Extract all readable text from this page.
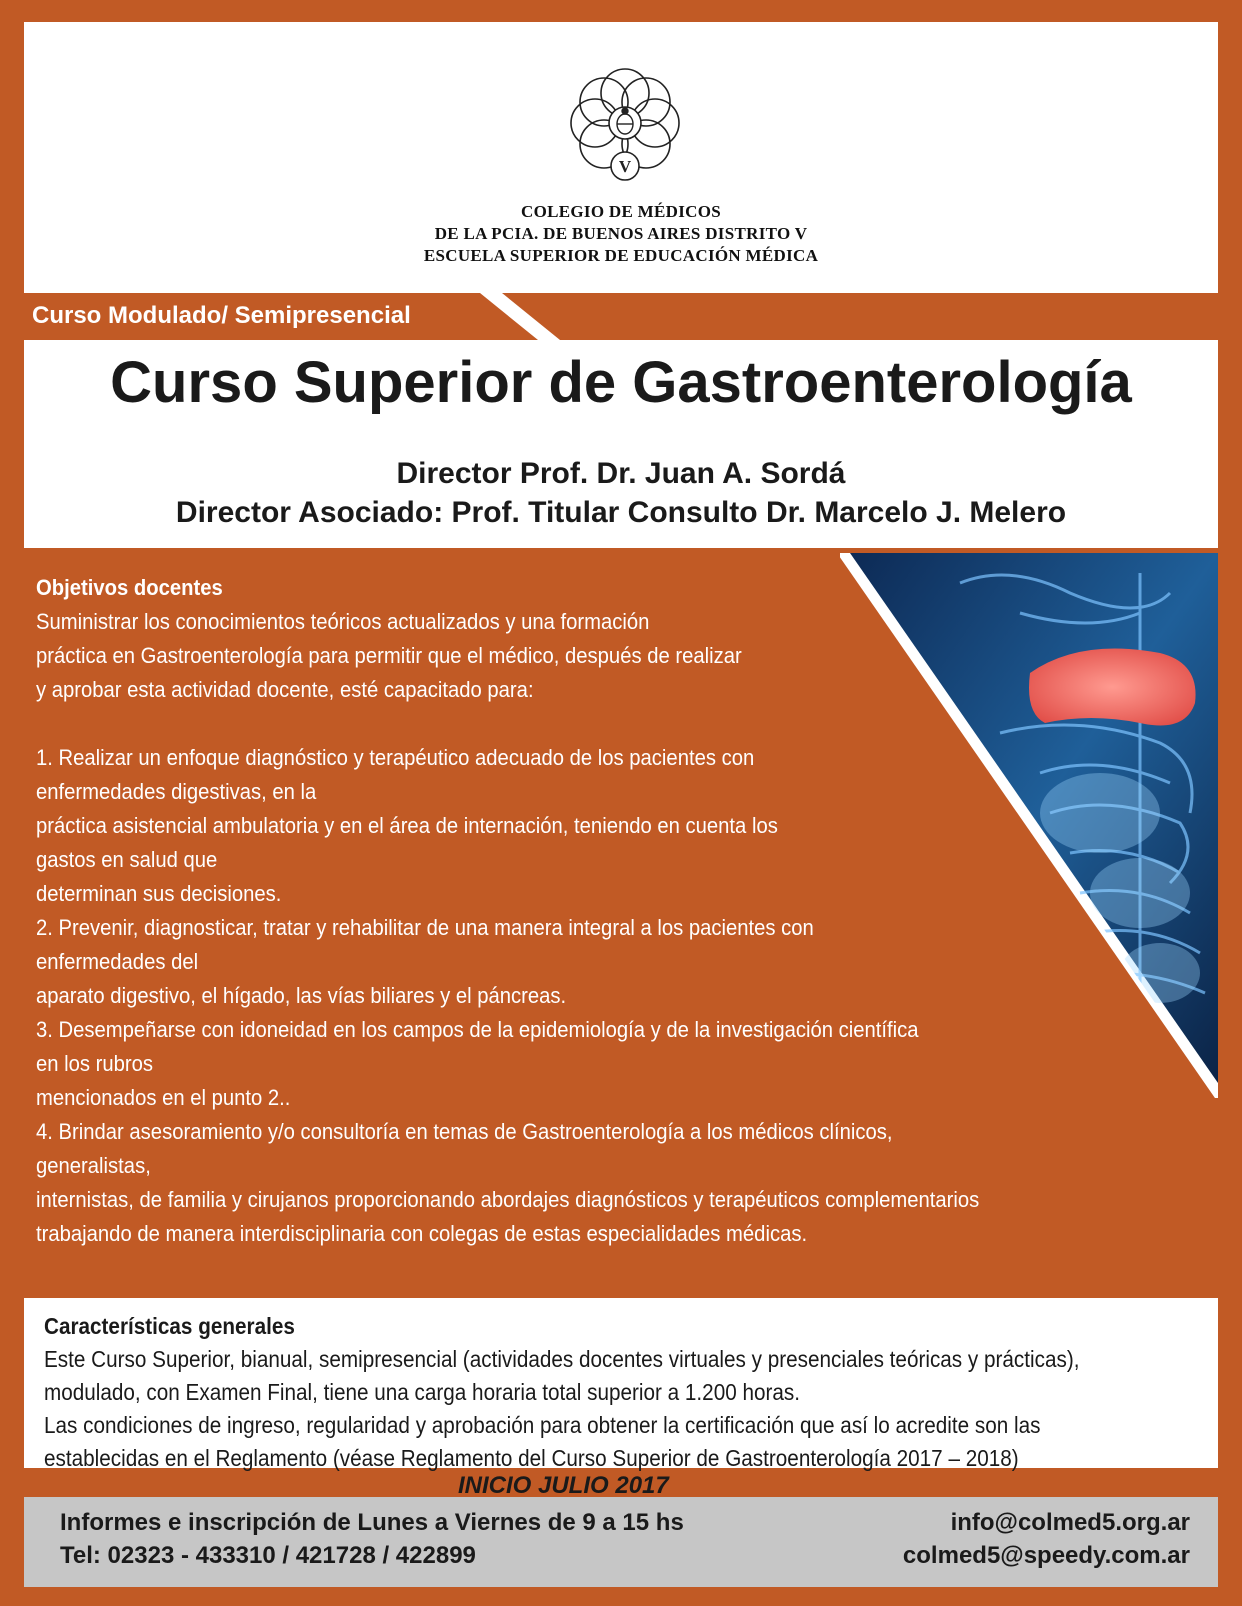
V
COLEGIO DE MÉDICOS
DE LA PCIA. DE BUENOS AIRES DISTRITO V
ESCUELA SUPERIOR DE EDUCACIÓN MÉDICA
Curso Modulado/ Semipresencial
Curso Superior de Gastroenterología
Director Prof. Dr. Juan A. Sordá
Director Asociado: Prof. Titular Consulto Dr. Marcelo J. Melero
Objetivos docentes
Suministrar los conocimientos teóricos actualizados y una formación
práctica en Gastroenterología para permitir que el médico, después de realizar
y aprobar esta actividad docente, esté capacitado para:
1. Realizar un enfoque diagnóstico y terapéutico adecuado de los pacientes con
enfermedades digestivas, en la
práctica asistencial ambulatoria y en el área de internación, teniendo en cuenta los
gastos en salud que
determinan sus decisiones.
2. Prevenir, diagnosticar, tratar y rehabilitar de una manera integral a los pacientes con
enfermedades del
aparato digestivo, el hígado, las vías biliares y el páncreas.
3. Desempeñarse con idoneidad en los campos de la epidemiología y de la investigación científica
en los rubros
mencionados en el punto 2..
4. Brindar asesoramiento y/o consultoría en temas de Gastroenterología a los médicos clínicos,
generalistas,
internistas, de familia y cirujanos proporcionando abordajes diagnósticos y terapéuticos complementarios
trabajando de manera interdisciplinaria con colegas de estas especialidades médicas.
Características generales
Este Curso Superior, bianual, semipresencial (actividades docentes virtuales y presenciales teóricas y prácticas),
modulado, con Examen Final, tiene una carga horaria total superior a 1.200 horas.
Las condiciones de ingreso, regularidad y aprobación para obtener la certificación que así lo acredite son las
establecidas en el Reglamento (véase Reglamento del Curso Superior de Gastroenterología 2017 – 2018)
INICIO JULIO 2017
Informes e inscripción de Lunes a Viernes de 9 a 15 hs
Tel: 02323 - 433310 / 421728 / 422899
info@colmed5.org.ar
colmed5@speedy.com.ar
